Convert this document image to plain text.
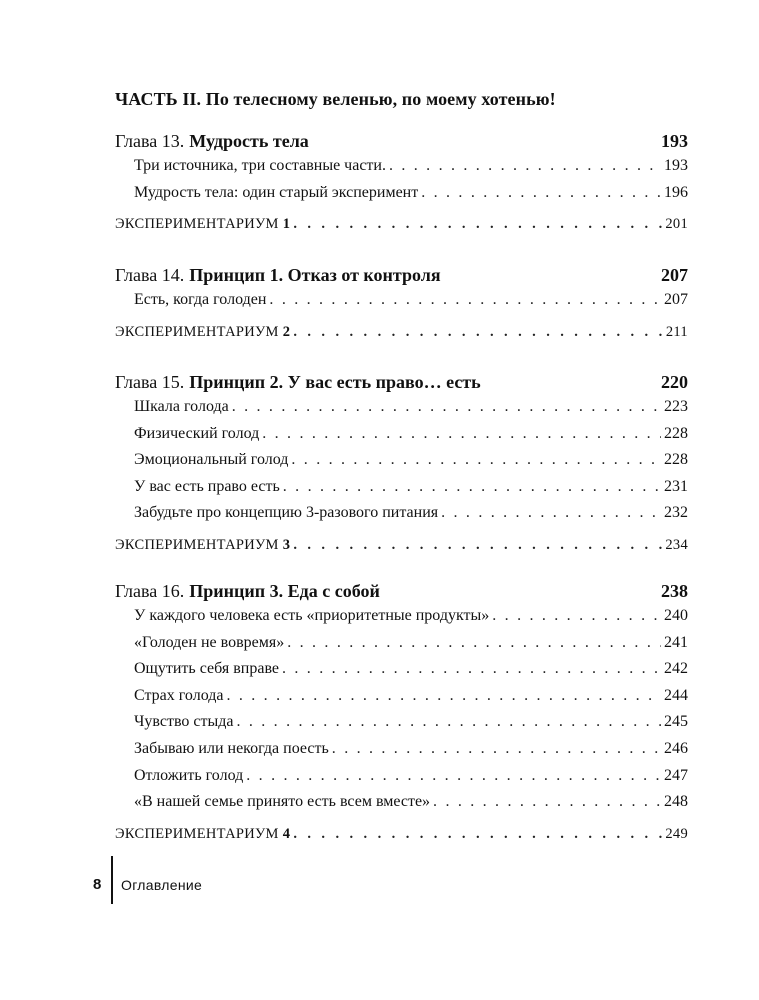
ЧАСТЬ II. По телесному веленью, по моему хотенью!
Глава 13. Мудрость тела	193
Три источника, три составные части. . . .	193
Мудрость тела: один старый эксперимент . . .	196
ЭКСПЕРИМЕНТАРИУМ 1 . . .	201
Глава 14. Принцип 1. Отказ от контроля	207
Есть, когда голоден . . .	207
ЭКСПЕРИМЕНТАРИУМ 2 . . .	211
Глава 15. Принцип 2. У вас есть право… есть	220
Шкала голода . . .	223
Физический голод . . .	228
Эмоциональный голод . . .	228
У вас есть право есть . . .	231
Забудьте про концепцию 3-разового питания . . .	232
ЭКСПЕРИМЕНТАРИУМ 3 . . .	234
Глава 16. Принцип 3. Еда с собой	238
У каждого человека есть «приоритетные продукты» . . .	240
«Голоден не вовремя» . . .	241
Ощутить себя вправе . . .	242
Страх голода . . .	244
Чувство стыда . . .	245
Забываю или некогда поесть . . .	246
Отложить голод . . .	247
«В нашей семье принято есть всем вместе» . . .	248
ЭКСПЕРИМЕНТАРИУМ 4 . . .	249
8 Оглавление
